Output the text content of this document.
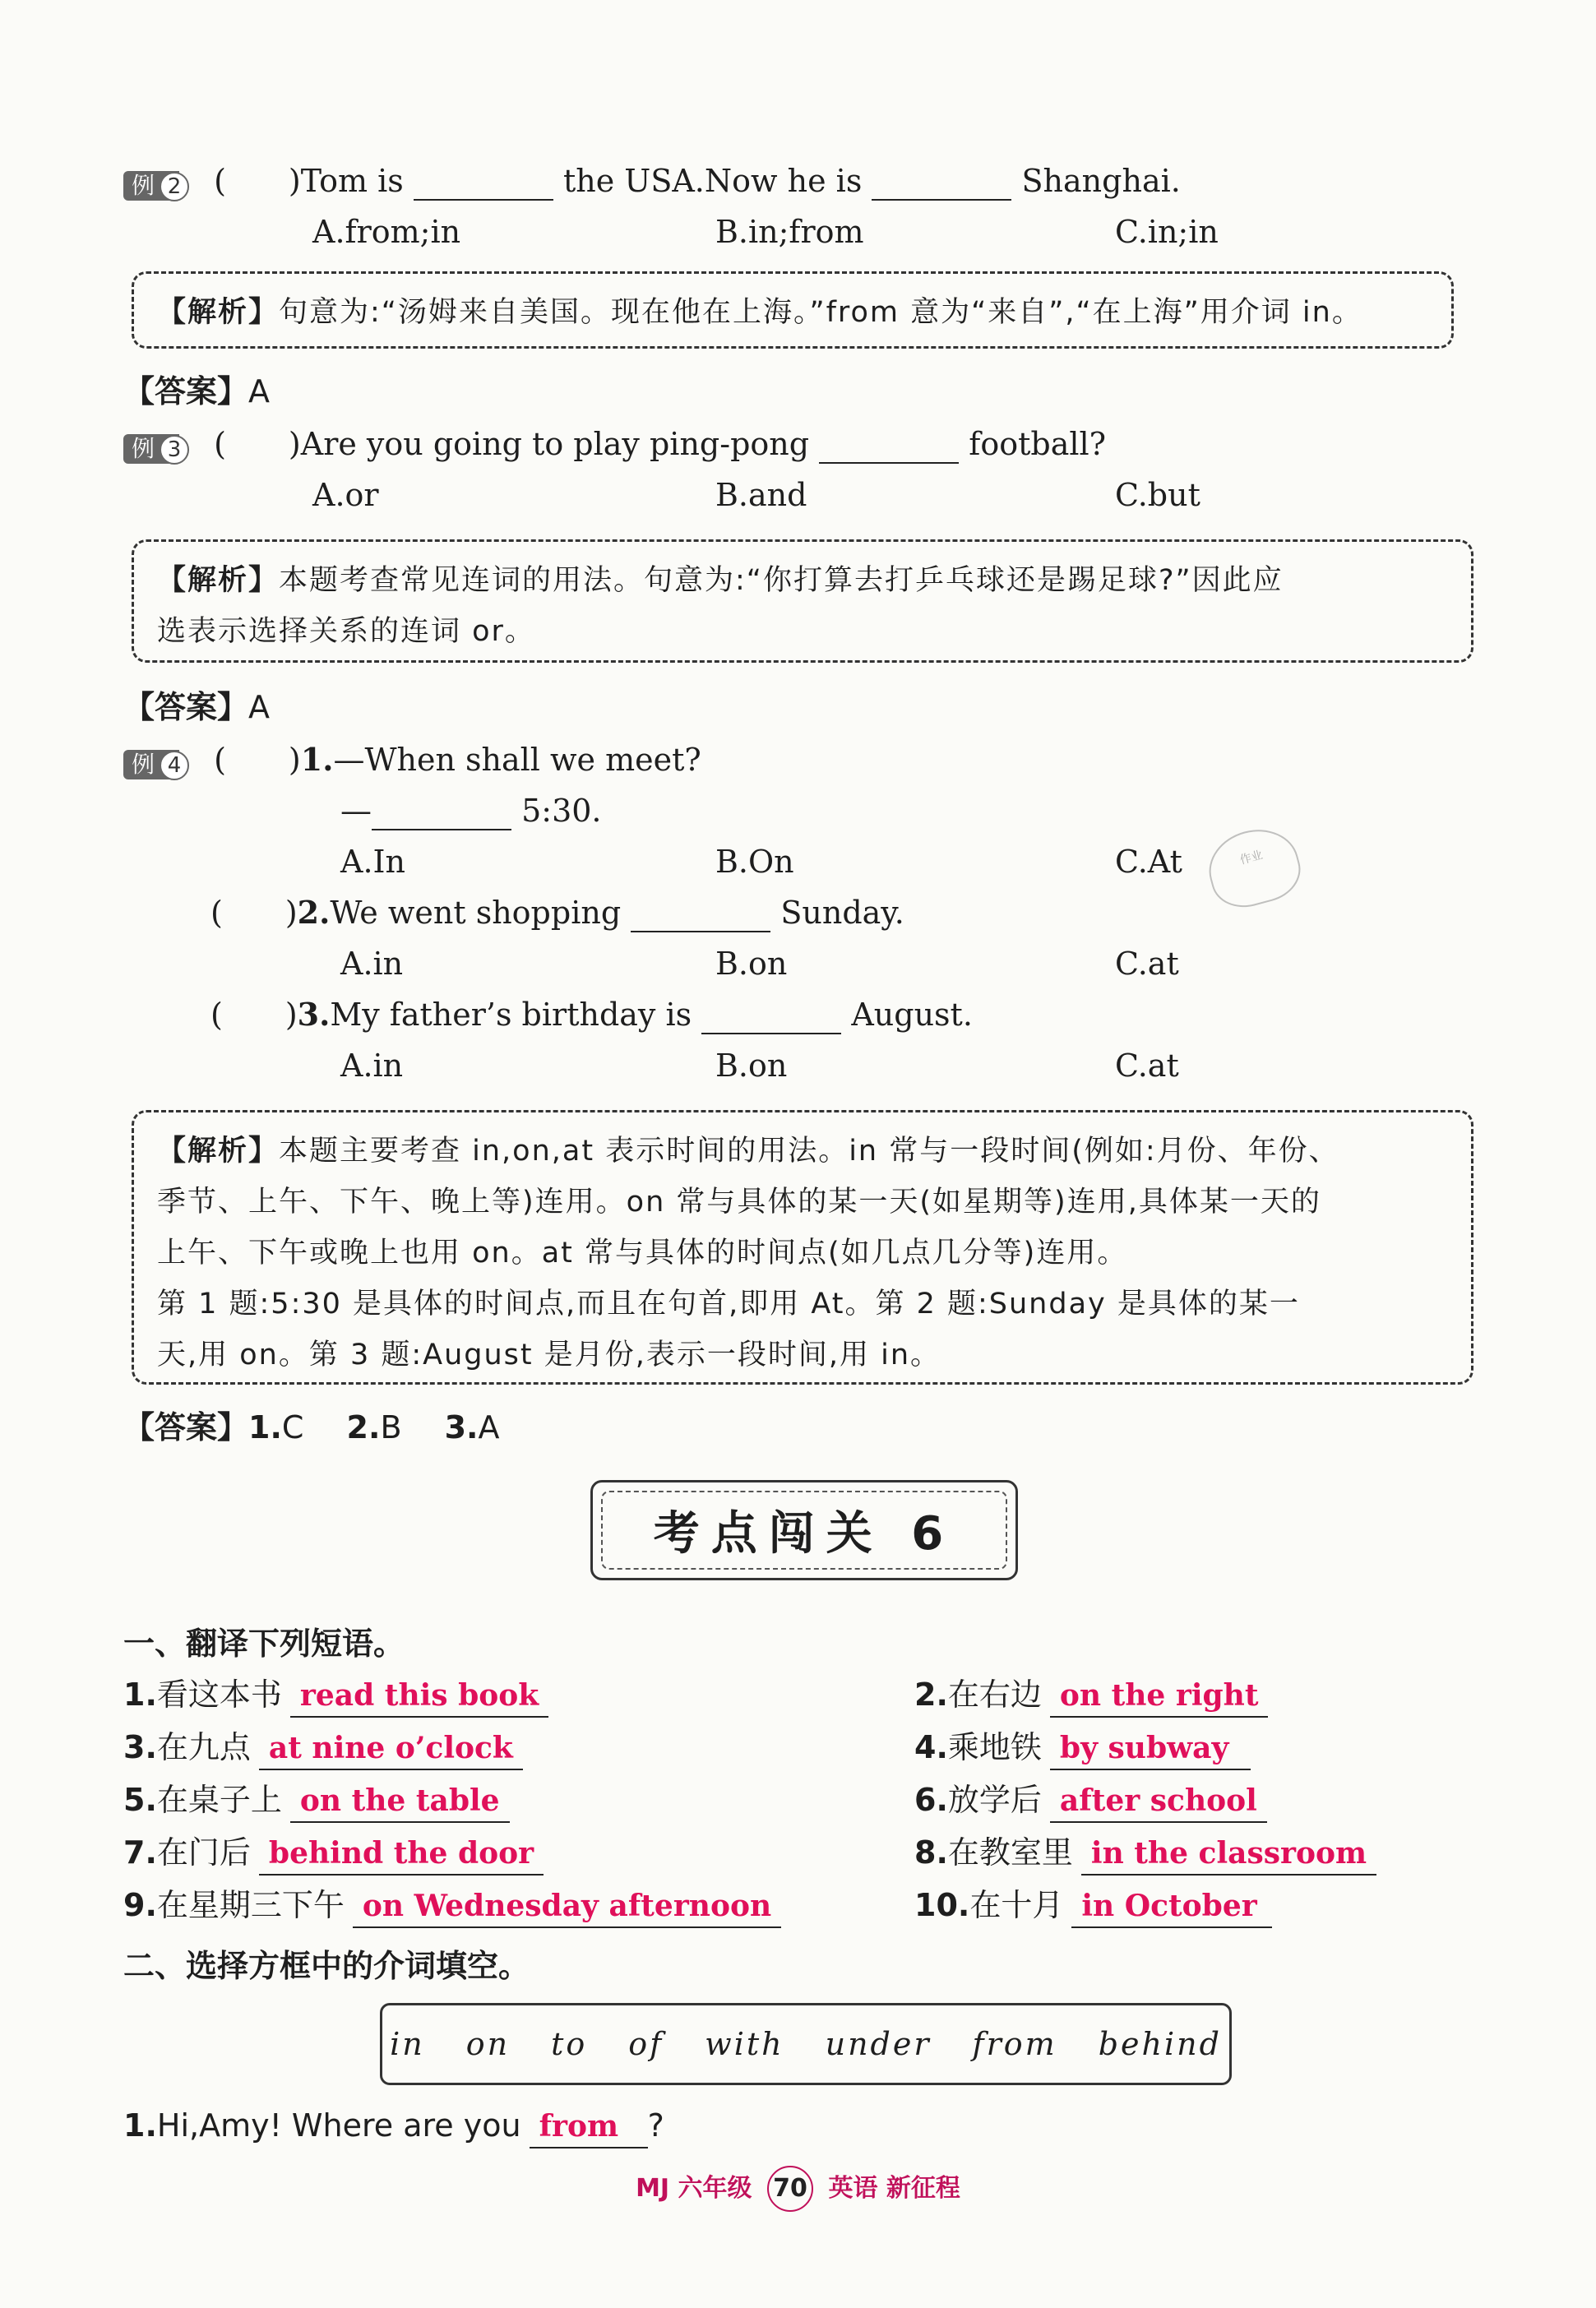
例 2 (　　)Tom is	the USA.Now he is	Shanghai.
A.from;in	B.in;from	C.in;in

【解析】句意为:“汤姆来自美国。现在他在上海。”from 意为“来自”,“在上海”用介词 in。

【答案】A
例 3 (　　)Are you going to play ping-pong	football?
A.or	B.and	C.but

【解析】本题考查常见连词的用法。句意为:“你打算去打乒乓球还是踢足球?”因此应

选表示选择关系的连词 or。

【答案】A
例 4 (　　)1.—When shall we meet?
—	5:30.
A.In	B.On	C.At	作业
(　　)2.We went shopping	Sunday.
A.in	B.on	C.at
(　　)3.My father’s birthday is	August.
A.in	B.on	C.at

【解析】本题主要考查 in,on,at 表示时间的用法。in 常与一段时间(例如:月份、年份、

季节、上午、下午、晚上等)连用。on 常与具体的某一天(如星期等)连用,具体某一天的

上午、下午或晚上也用 on。at 常与具体的时间点(如几点几分等)连用。

第 1 题:5:30 是具体的时间点,而且在句首,即用 At。第 2 题:Sunday 是具体的某一

天,用 on。第 3 题:August 是月份,表示一段时间,用 in。

【答案】1.C 2.B 3.A
考点闯关 6
一、翻译下列短语。
1.看这本书 read this book	2.在右边 on the right
3.在九点 at nine o’clock	4.乘地铁 by subway
5.在桌子上 on the table	6.放学后 after school
7.在门后 behind the door	8.在教室里 in the classroom
9.在星期三下午 on Wednesday afternoon	10.在十月 in October
二、选择方框中的介词填空。
in on to of with under from behind
1.Hi,Amy! Where are you from ?
MJ 六年级 70 英语 新征程
